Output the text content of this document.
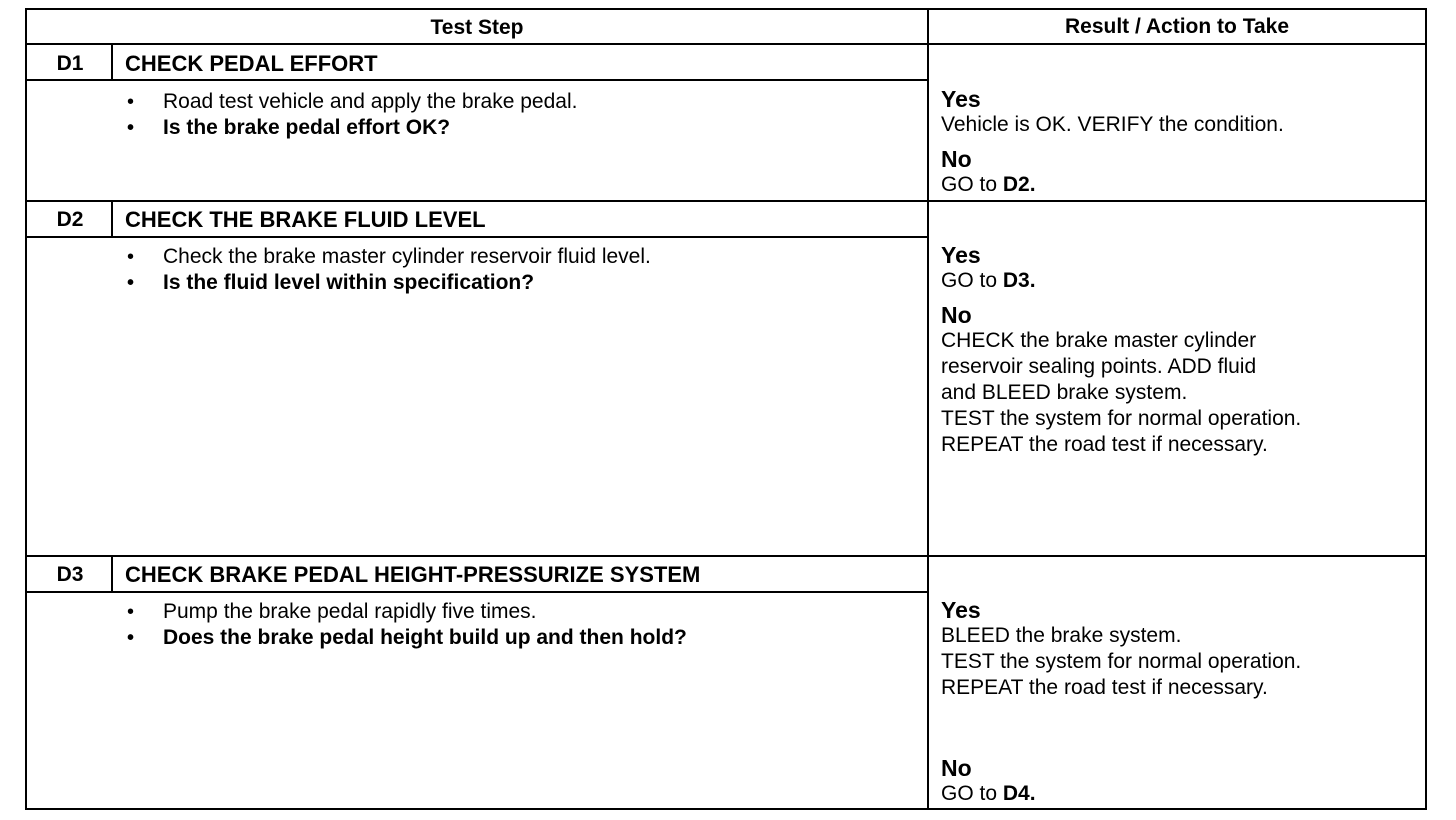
Test Step	Result / Action to Take
D1	CHECK PEDAL EFFORT
• Road test vehicle and apply the brake pedal.
• Is the brake pedal effort OK?
Yes
Vehicle is OK. VERIFY the condition.
No
GO to D2.
D2	CHECK THE BRAKE FLUID LEVEL
• Check the brake master cylinder reservoir fluid level.
• Is the fluid level within specification?
Yes
GO to D3.
No
CHECK the brake master cylinder
reservoir sealing points. ADD fluid
and BLEED brake system.
TEST the system for normal operation.
REPEAT the road test if necessary.
D3	CHECK BRAKE PEDAL HEIGHT-PRESSURIZE SYSTEM
• Pump the brake pedal rapidly five times.
• Does the brake pedal height build up and then hold?
Yes
BLEED the brake system.
TEST the system for normal operation.
REPEAT the road test if necessary.
No
GO to D4.
